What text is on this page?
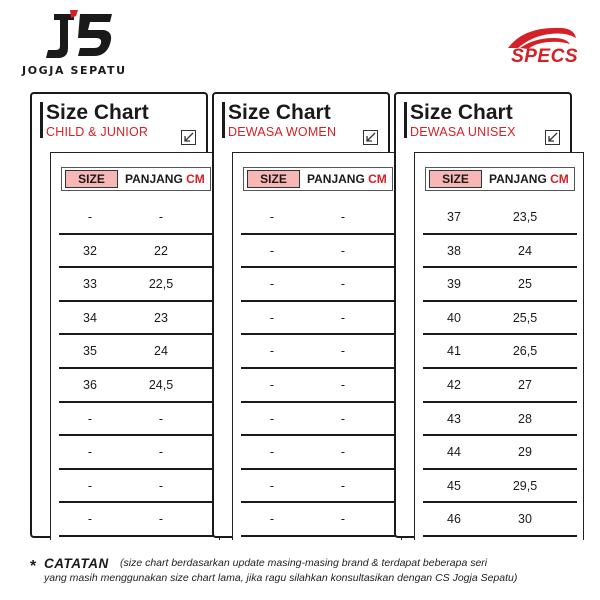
JOGJA SEPATU
SPECS
Size Chart
CHILD & JUNIOR
SIZE	PANJANG CM
-	-
32	22
33	22,5
34	23
35	24
36	24,5
-	-
-	-
-	-
-	-
Size Chart
DEWASA WOMEN
SIZE	PANJANG CM
-	-
-	-
-	-
-	-
-	-
-	-
-	-
-	-
-	-
-	-
Size Chart
DEWASA UNISEX
SIZE	PANJANG CM
37	23,5
38	24
39	25
40	25,5
41	26,5
42	27
43	28
44	29
45	29,5
46	30
* CATATAN (size chart berdasarkan update masing-masing brand & terdapat beberapa seri
yang masih menggunakan size chart lama, jika ragu silahkan konsultasikan dengan CS Jogja Sepatu)
